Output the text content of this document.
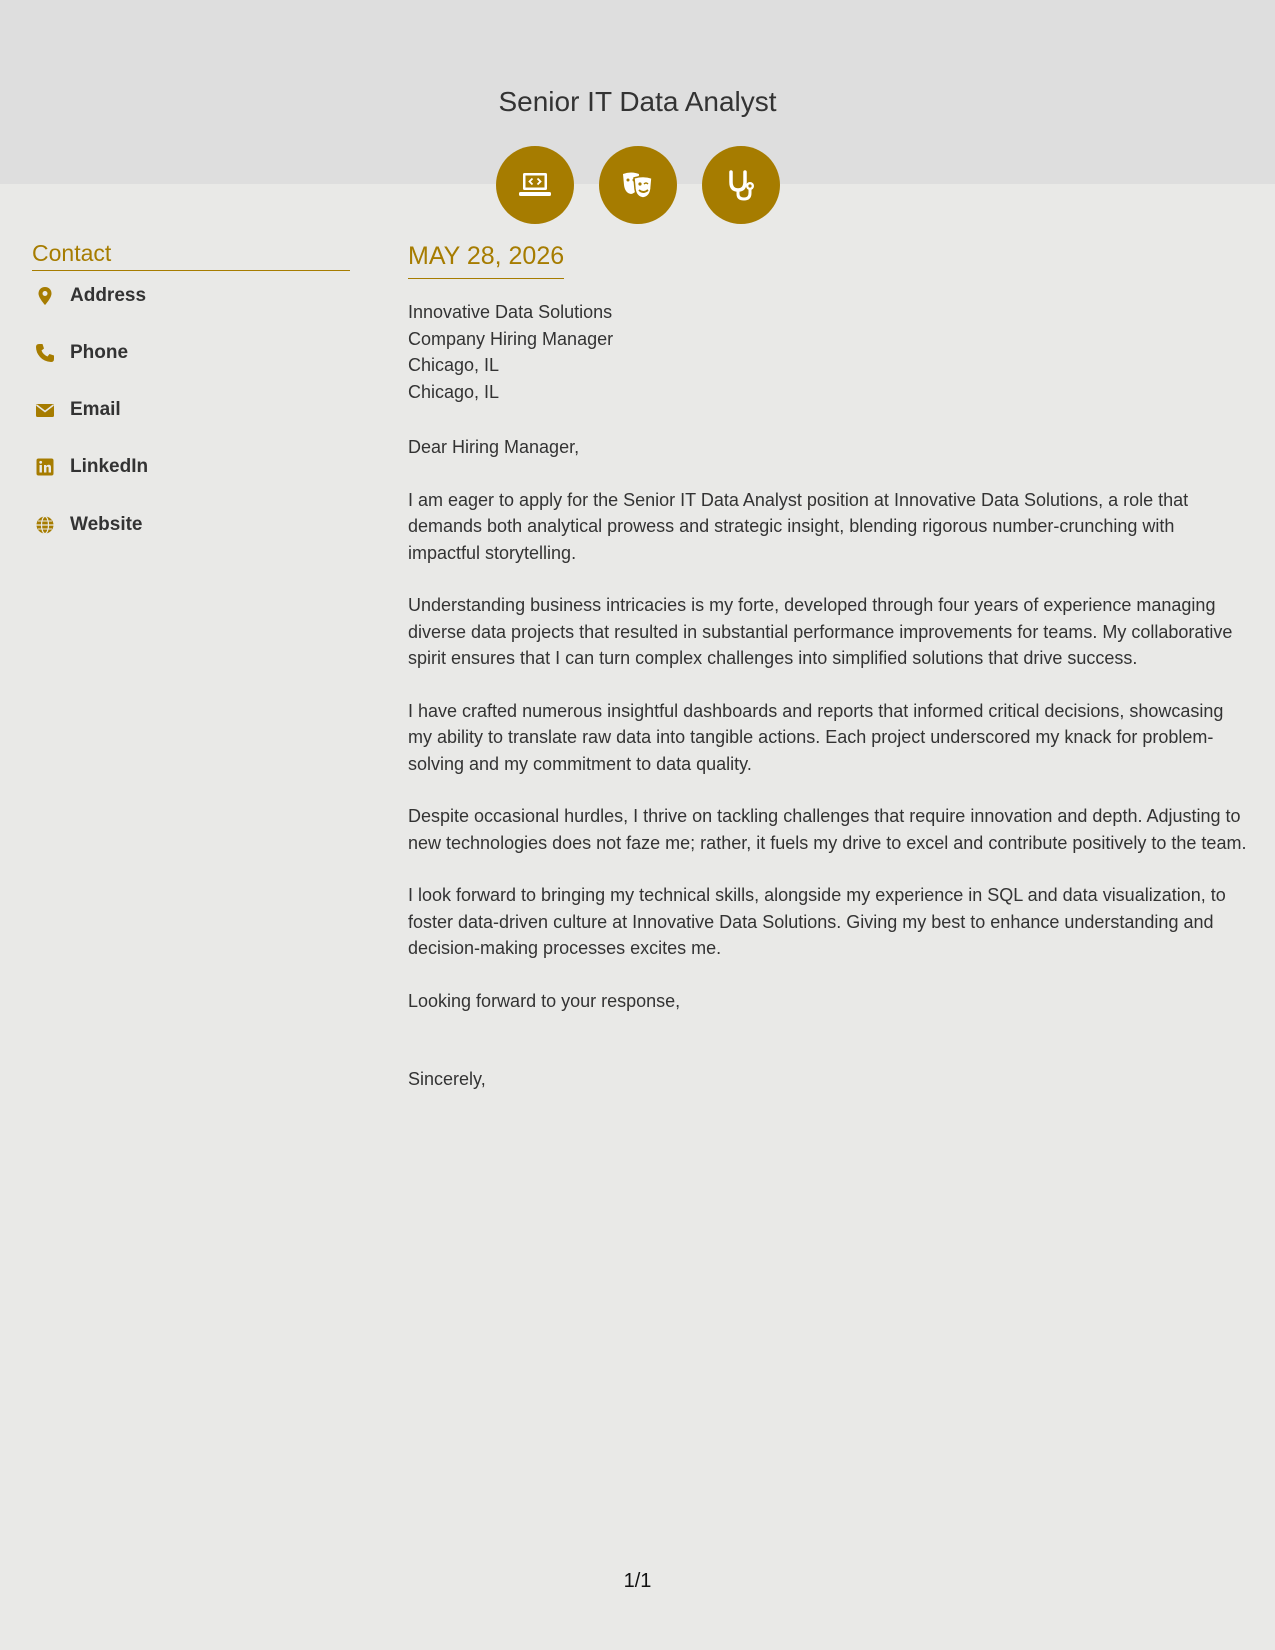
Senior IT Data Analyst
Contact
Address
Phone
Email
LinkedIn
Website
MAY 28, 2026
Innovative Data Solutions
Company Hiring Manager
Chicago, IL
Chicago, IL

Dear Hiring Manager,

I am eager to apply for the Senior IT Data Analyst position at Innovative Data Solutions, a role that demands both analytical prowess and strategic insight, blending rigorous number-crunching with impactful storytelling.

Understanding business intricacies is my forte, developed through four years of experience managing diverse data projects that resulted in substantial performance improvements for teams. My collaborative spirit ensures that I can turn complex challenges into simplified solutions that drive success.

I have crafted numerous insightful dashboards and reports that informed critical decisions, showcasing my ability to translate raw data into tangible actions. Each project underscored my knack for problem-solving and my commitment to data quality.

Despite occasional hurdles, I thrive on tackling challenges that require innovation and depth. Adjusting to new technologies does not faze me; rather, it fuels my drive to excel and contribute positively to the team.

I look forward to bringing my technical skills, alongside my experience in SQL and data visualization, to foster data-driven culture at Innovative Data Solutions. Giving my best to enhance understanding and decision-making processes excites me.

Looking forward to your response,

Sincerely,

1/1
